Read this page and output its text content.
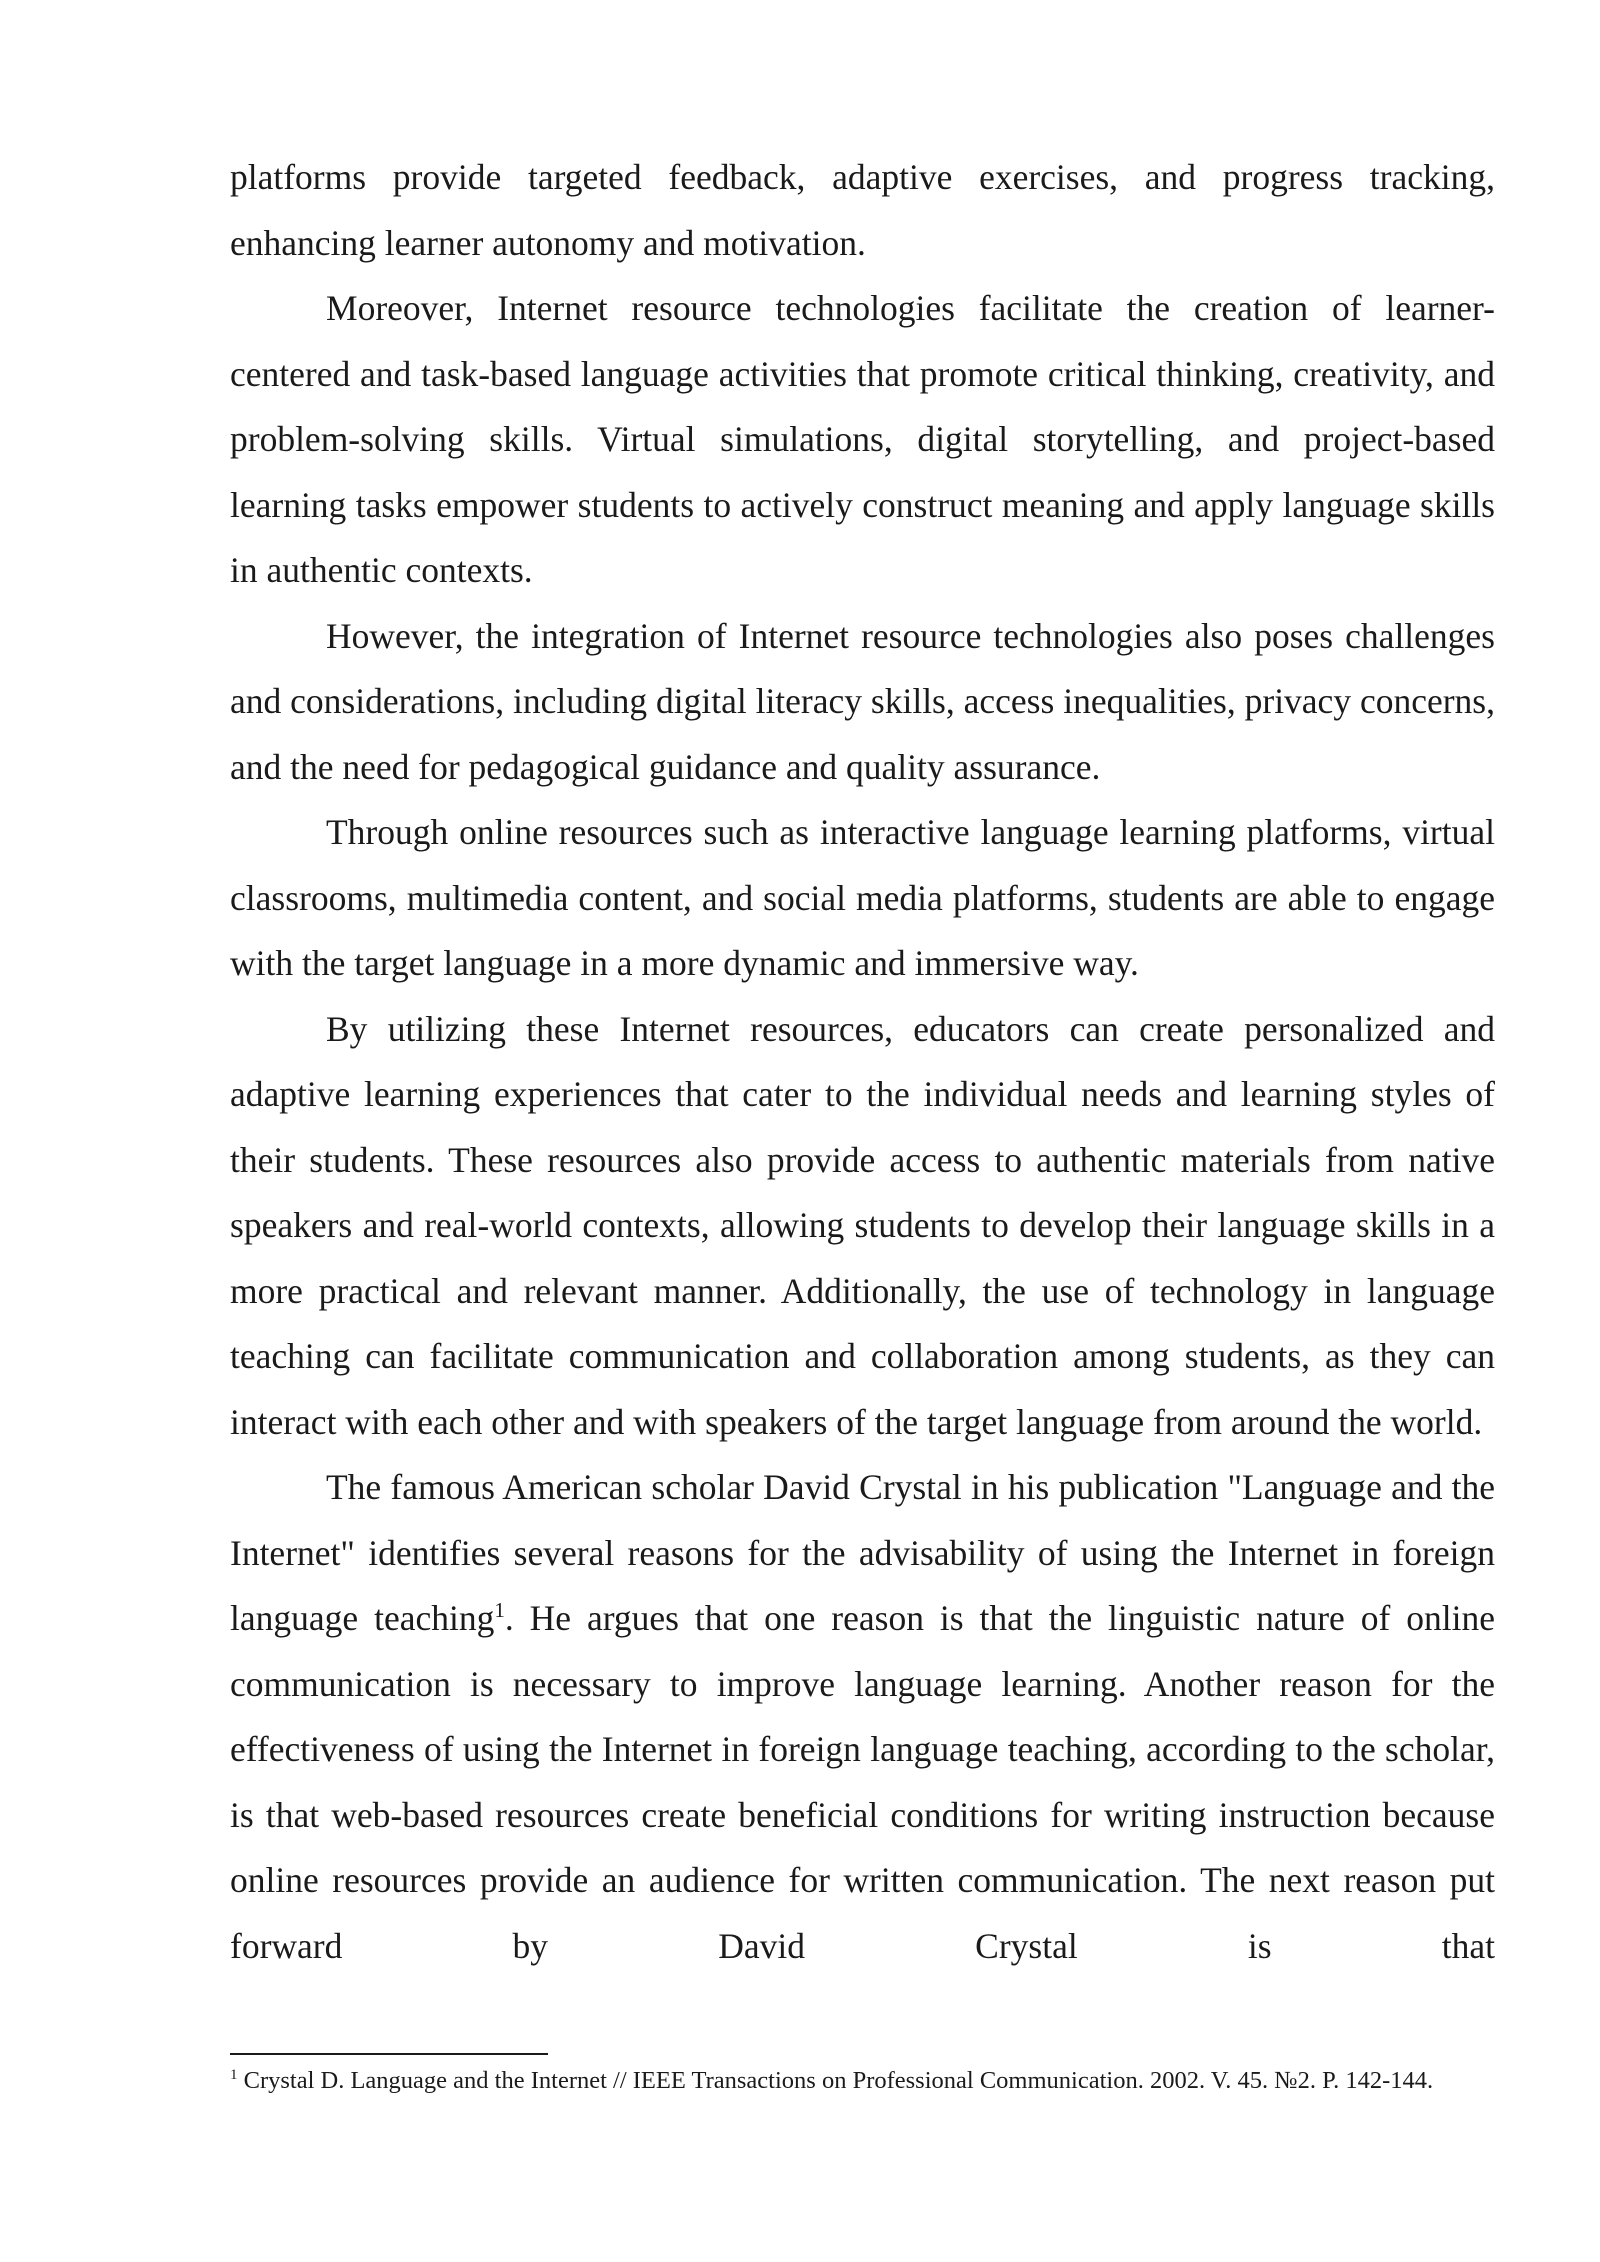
platforms provide targeted feedback, adaptive exercises, and progress tracking, enhancing learner autonomy and motivation.

Moreover, Internet resource technologies facilitate the creation of learner-centered and task-based language activities that promote critical thinking, creativity, and problem-solving skills. Virtual simulations, digital storytelling, and project-based learning tasks empower students to actively construct meaning and apply language skills in authentic contexts.

However, the integration of Internet resource technologies also poses challenges and considerations, including digital literacy skills, access inequalities, privacy concerns, and the need for pedagogical guidance and quality assurance.

Through online resources such as interactive language learning platforms, virtual classrooms, multimedia content, and social media platforms, students are able to engage with the target language in a more dynamic and immersive way.

By utilizing these Internet resources, educators can create personalized and adaptive learning experiences that cater to the individual needs and learning styles of their students. These resources also provide access to authentic materials from native speakers and real-world contexts, allowing students to develop their language skills in a more practical and relevant manner. Additionally, the use of technology in language teaching can facilitate communication and collaboration among students, as they can interact with each other and with speakers of the target language from around the world.

The famous American scholar David Crystal in his publication "Language and the Internet" identifies several reasons for the advisability of using the Internet in foreign language teaching$^1$. He argues that one reason is that the linguistic nature of online communication is necessary to improve language learning. Another reason for the effectiveness of using the Internet in foreign language teaching, according to the scholar, is that web-based resources create beneficial conditions for writing instruction because online resources provide an audience for written communication. The next reason put forward by David Crystal is that

$^1$ Crystal D. Language and the Internet // IEEE Transactions on Professional Communication. 2002. V. 45. №2. P. 142-144.
